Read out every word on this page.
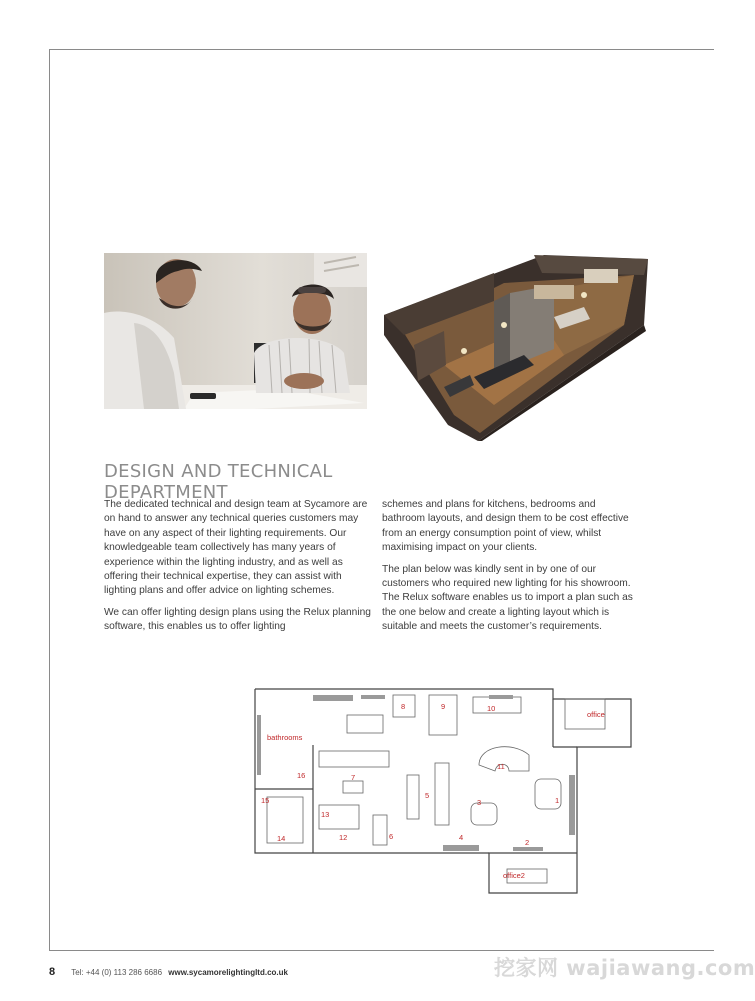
DESIGN AND TECHNICAL DEPARTMENT

The dedicated technical and design team at Sycamore are on hand to answer any technical queries customers may have on any aspect of their lighting requirements. Our knowledgeable team collectively has many years of experience within the lighting industry, and as well as offering their technical expertise, they can assist with lighting plans and offer advice on lighting schemes.

We can offer lighting design plans using the Relux planning software, this enables us to offer lighting

schemes and plans for kitchens, bedrooms and bathroom layouts, and design them to be cost effective from an energy consumption point of view, whilst maximising impact on your clients.

The plan below was kindly sent in by one of our customers who required new lighting for his showroom. The Relux software enables us to import a plan such as the one below and create a lighting layout which is suitable and meets the customer’s requirements.

bathrooms
office
office2
1
2
3
4
5
6
7
8	9	10
11
12
13
14
15
16
8 Tel: +44 (0) 113 286 6686 www.sycamorelightingltd.co.uk	挖家网 wajiawang.com
